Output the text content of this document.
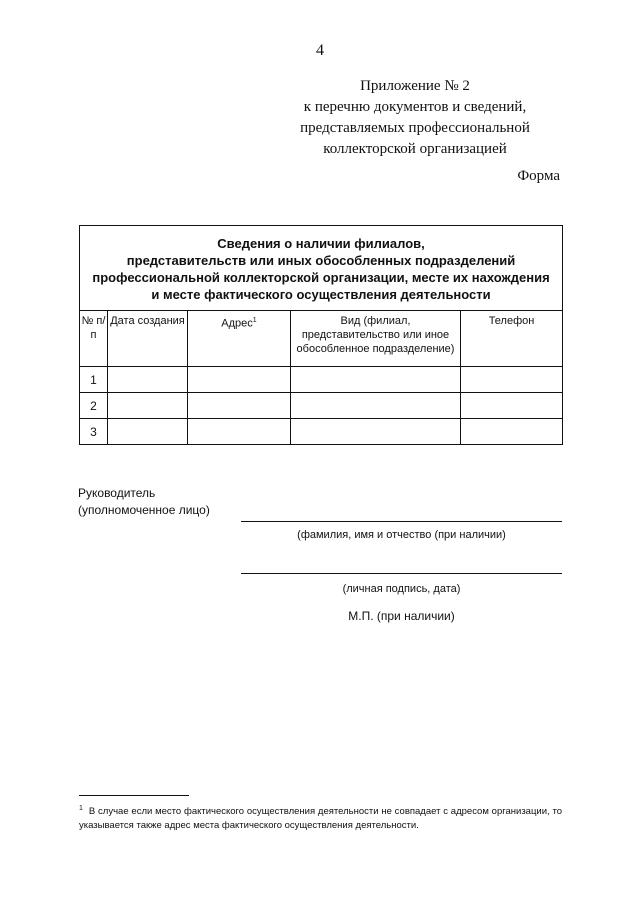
4
Приложение № 2
к перечню документов и сведений,
представляемых профессиональной
коллекторской организацией
Форма
Сведения о наличии филиалов,
представительств или иных обособленных подразделений
профессиональной коллекторской организации, месте их нахождения
и месте фактического осуществления деятельности				

№ п/п	Дата создания	Адрес$^1$	Вид (филиал, представительство или иное обособленное подразделение)	Телефон
1				
2				
3				
Руководитель
(уполномоченное лицо)
(фамилия, имя и отчество (при наличии)
(личная подпись, дата)
М.П. (при наличии)
$^1$ В случае если место фактического осуществления деятельности не совпадает с адресом организации, то указывается также адрес места фактического осуществления деятельности.
